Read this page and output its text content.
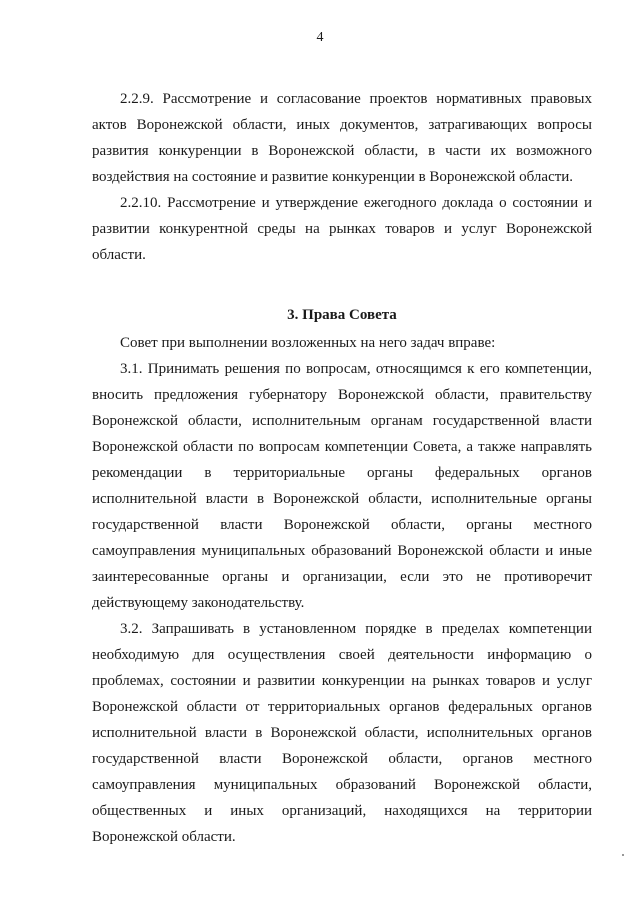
4

2.2.9. Рассмотрение и согласование проектов нормативных правовых актов Воронежской области, иных документов, затрагивающих вопросы развития конкуренции в Воронежской области, в части их возможного воздействия на состояние и развитие конкуренции в Воронежской области.

2.2.10. Рассмотрение и утверждение ежегодного доклада о состоянии и развитии конкурентной среды на рынках товаров и услуг Воронежской области.

3. Права Совета

Совет при выполнении возложенных на него задач вправе:

3.1. Принимать решения по вопросам, относящимся к его компетенции, вносить предложения губернатору Воронежской области, правительству Воронежской области, исполнительным органам государственной власти Воронежской области по вопросам компетенции Совета, а также направлять рекомендации в территориальные органы федеральных органов исполнительной власти в Воронежской области, исполнительные органы государственной власти Воронежской области, органы местного самоуправления муниципальных образований Воронежской области и иные заинтересованные органы и организации, если это не противоречит действующему законодательству.

3.2. Запрашивать в установленном порядке в пределах компетенции необходимую для осуществления своей деятельности информацию о проблемах, состоянии и развитии конкуренции на рынках товаров и услуг Воронежской области от территориальных органов федеральных органов исполнительной власти в Воронежской области, исполнительных органов государственной власти Воронежской области, органов местного самоуправления муниципальных образований Воронежской области, общественных и иных организаций, находящихся на территории Воронежской области.
